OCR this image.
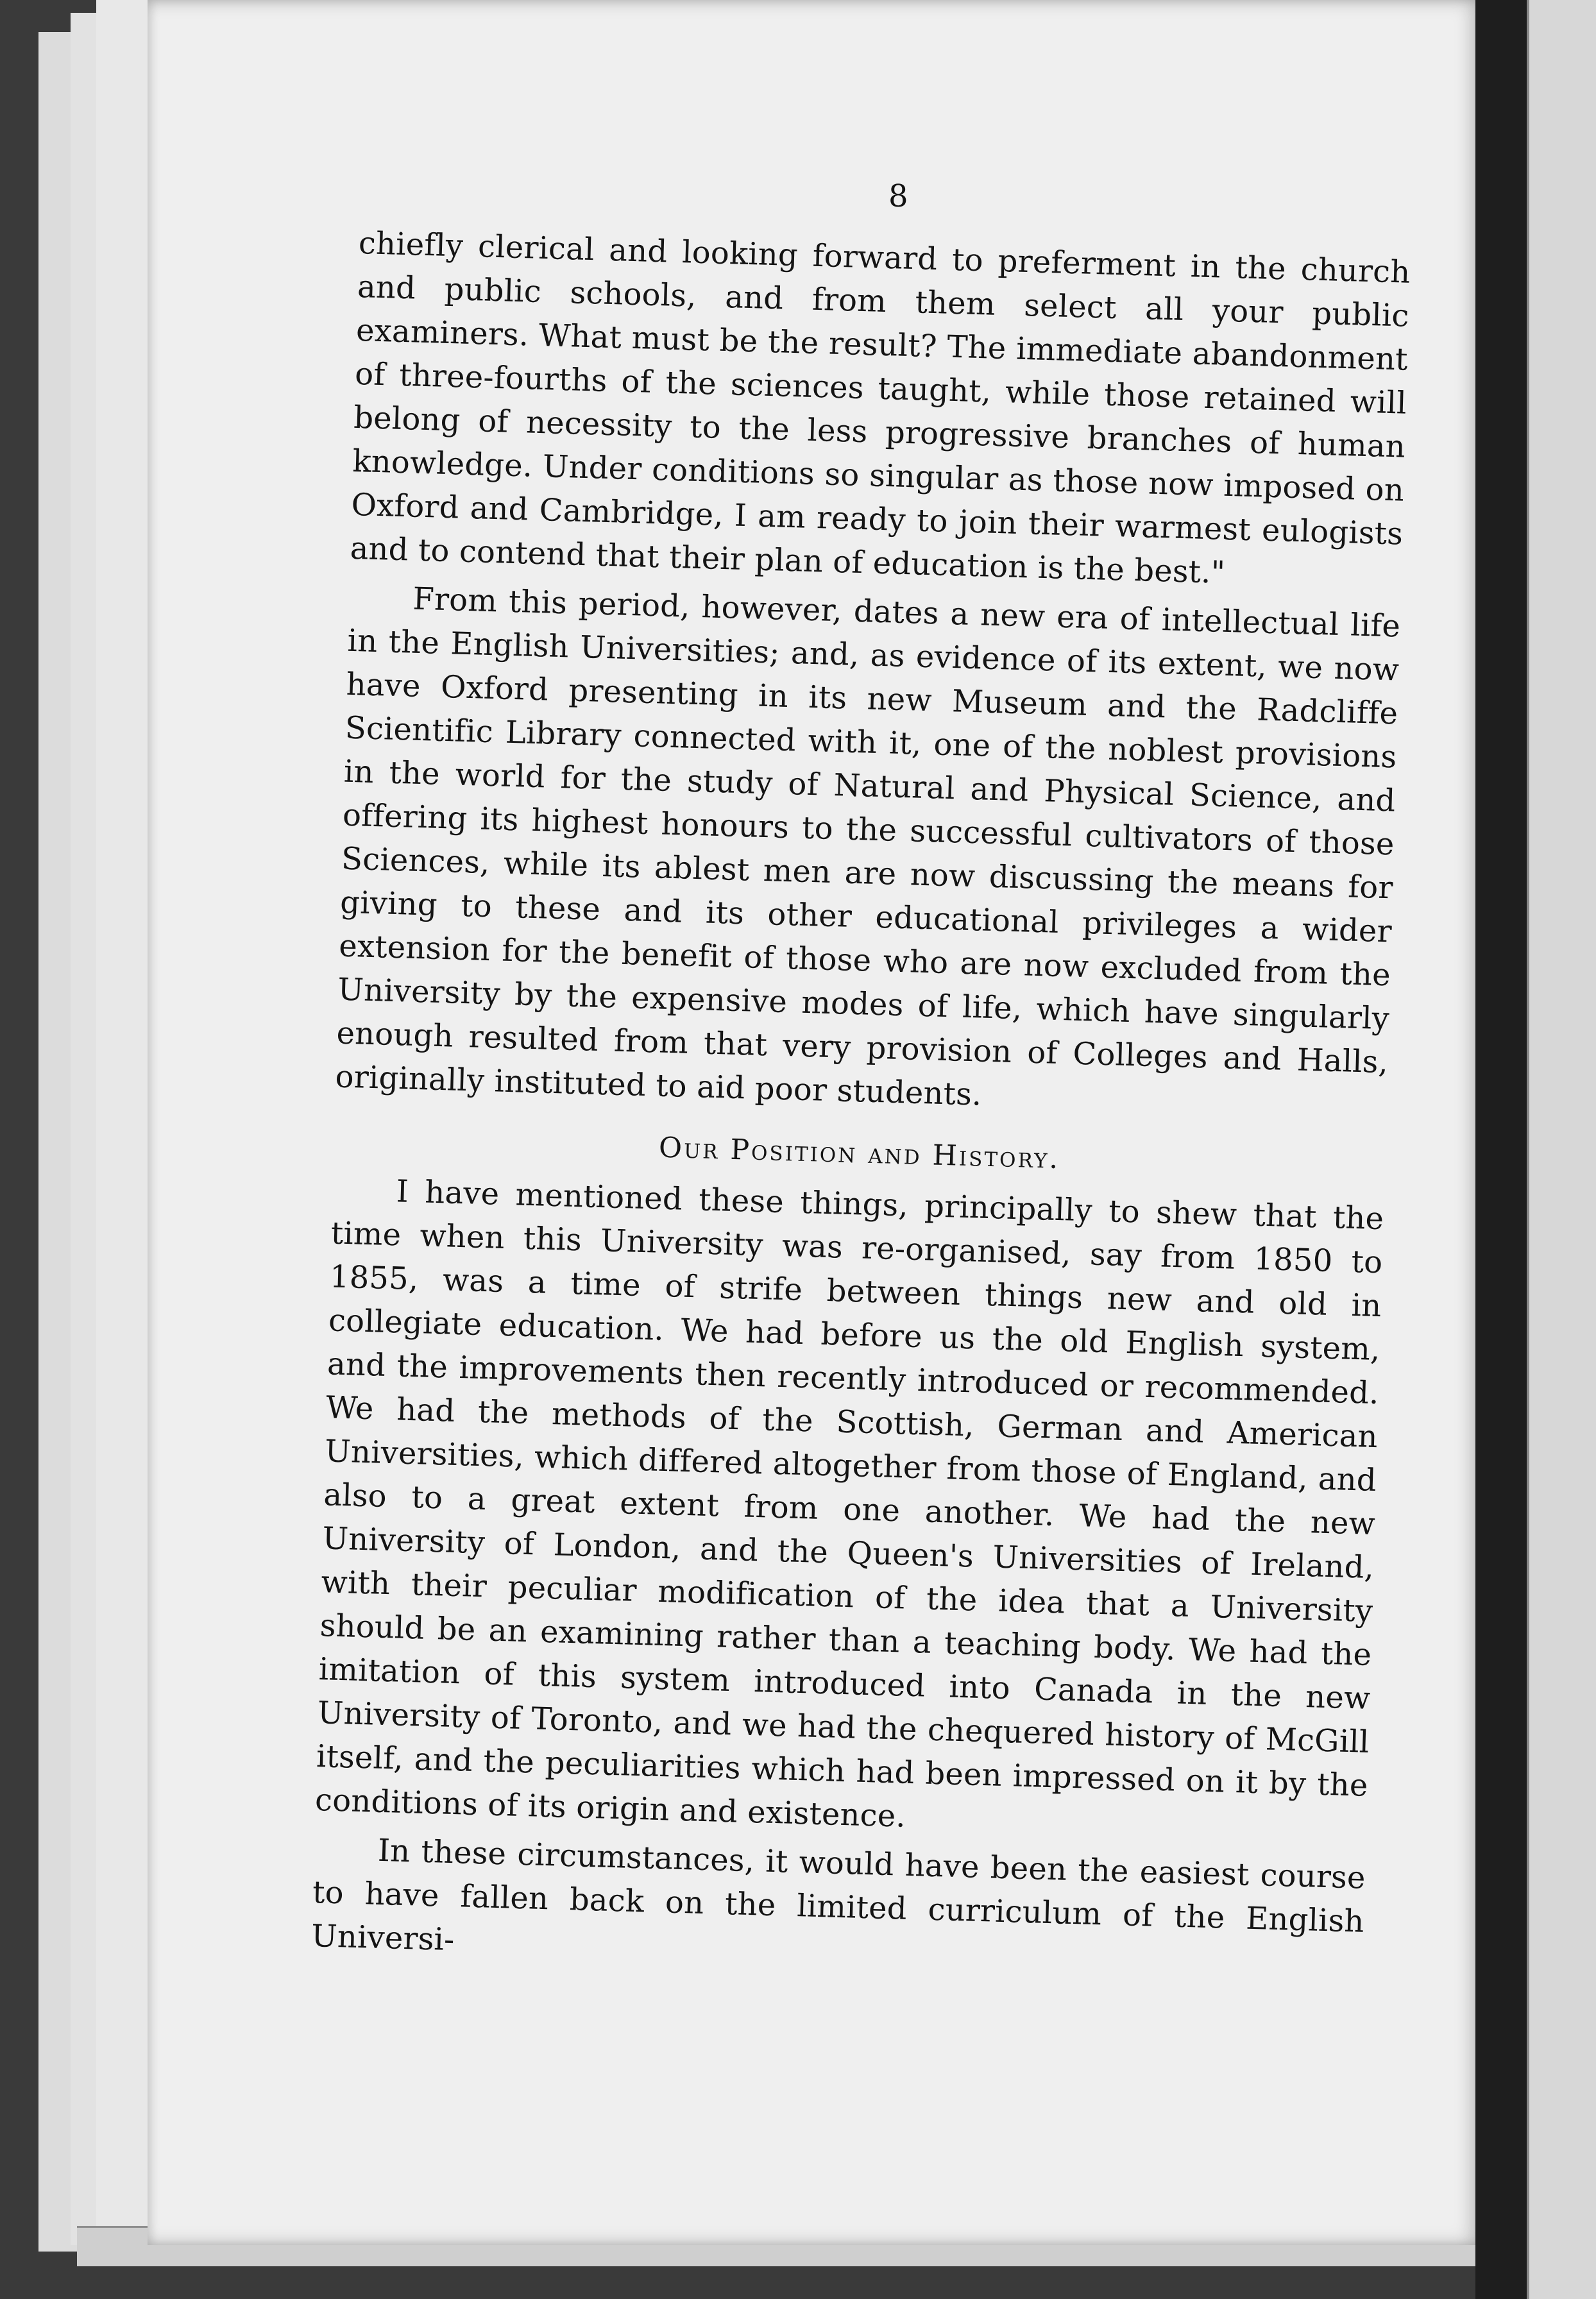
8

chiefly clerical and looking forward to preferment in the church and public schools, and from them select all your public examiners. What must be the result? The immediate abandonment of three-fourths of the sciences taught, while those retained will belong of necessity to the less progressive branches of human knowledge. Under conditions so singular as those now imposed on Oxford and Cambridge, I am ready to join their warmest eulogists and to contend that their plan of education is the best."

From this period, however, dates a new era of intellectual life in the English Universities; and, as evidence of its extent, we now have Oxford presenting in its new Museum and the Radcliffe Scientific Library connected with it, one of the noblest provisions in the world for the study of Natural and Physical Science, and offering its highest honours to the successful cultivators of those Sciences, while its ablest men are now discussing the means for giving to these and its other educational privileges a wider extension for the benefit of those who are now excluded from the University by the expensive modes of life, which have singularly enough resulted from that very provision of Colleges and Halls, originally instituted to aid poor students.

Our Position and History.

I have mentioned these things, principally to shew that the time when this University was re-organised, say from 1850 to 1855, was a time of strife between things new and old in collegiate education. We had before us the old English system, and the improvements then recently introduced or recommended. We had the methods of the Scottish, German and American Universities, which differed altogether from those of England, and also to a great extent from one another. We had the new University of London, and the Queen's Universities of Ireland, with their peculiar modification of the idea that a University should be an examining rather than a teaching body. We had the imitation of this system introduced into Canada in the new University of Toronto, and we had the chequered history of McGill itself, and the peculiarities which had been impressed on it by the conditions of its origin and existence.

In these circumstances, it would have been the easiest course to have fallen back on the limited curriculum of the English Universi-
